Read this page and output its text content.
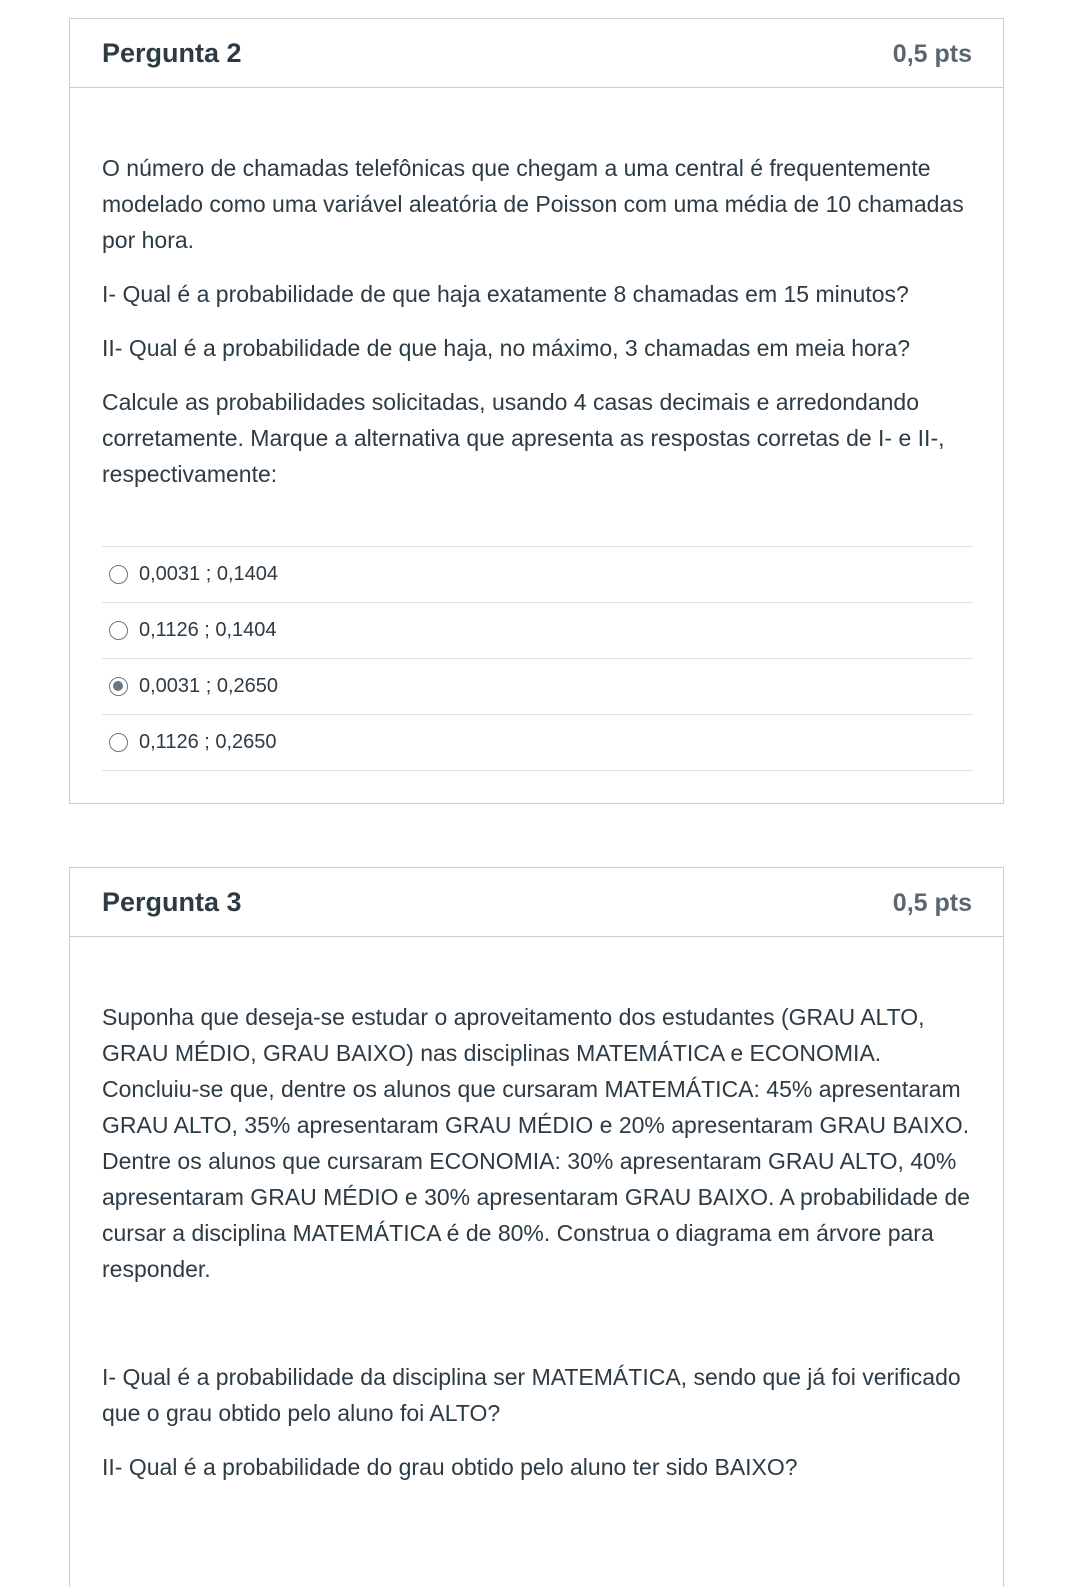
Pergunta 2	0,5 pts

O número de chamadas telefônicas que chegam a uma central é frequentemente modelado como uma variável aleatória de Poisson com uma média de 10 chamadas por hora.

I- Qual é a probabilidade de que haja exatamente 8 chamadas em 15 minutos?

II- Qual é a probabilidade de que haja, no máximo, 3 chamadas em meia hora?

Calcule as probabilidades solicitadas, usando 4 casas decimais e arredondando corretamente. Marque a alternativa que apresenta as respostas corretas de I- e II-, respectivamente:

0,0031 ; 0,1404
0,1126 ; 0,1404
0,0031 ; 0,2650
0,1126 ; 0,2650
Pergunta 3	0,5 pts

Suponha que deseja-se estudar o aproveitamento dos estudantes (GRAU ALTO, GRAU MÉDIO, GRAU BAIXO) nas disciplinas MATEMÁTICA e ECONOMIA. Concluiu-se que, dentre os alunos que cursaram MATEMÁTICA: 45% apresentaram GRAU ALTO, 35% apresentaram GRAU MÉDIO e 20% apresentaram GRAU BAIXO. Dentre os alunos que cursaram ECONOMIA: 30% apresentaram GRAU ALTO, 40% apresentaram GRAU MÉDIO e 30% apresentaram GRAU BAIXO. A probabilidade de cursar a disciplina MATEMÁTICA é de 80%. Construa o diagrama em árvore para responder.

I- Qual é a probabilidade da disciplina ser MATEMÁTICA, sendo que já foi verificado que o grau obtido pelo aluno foi ALTO?

II- Qual é a probabilidade do grau obtido pelo aluno ter sido BAIXO?
